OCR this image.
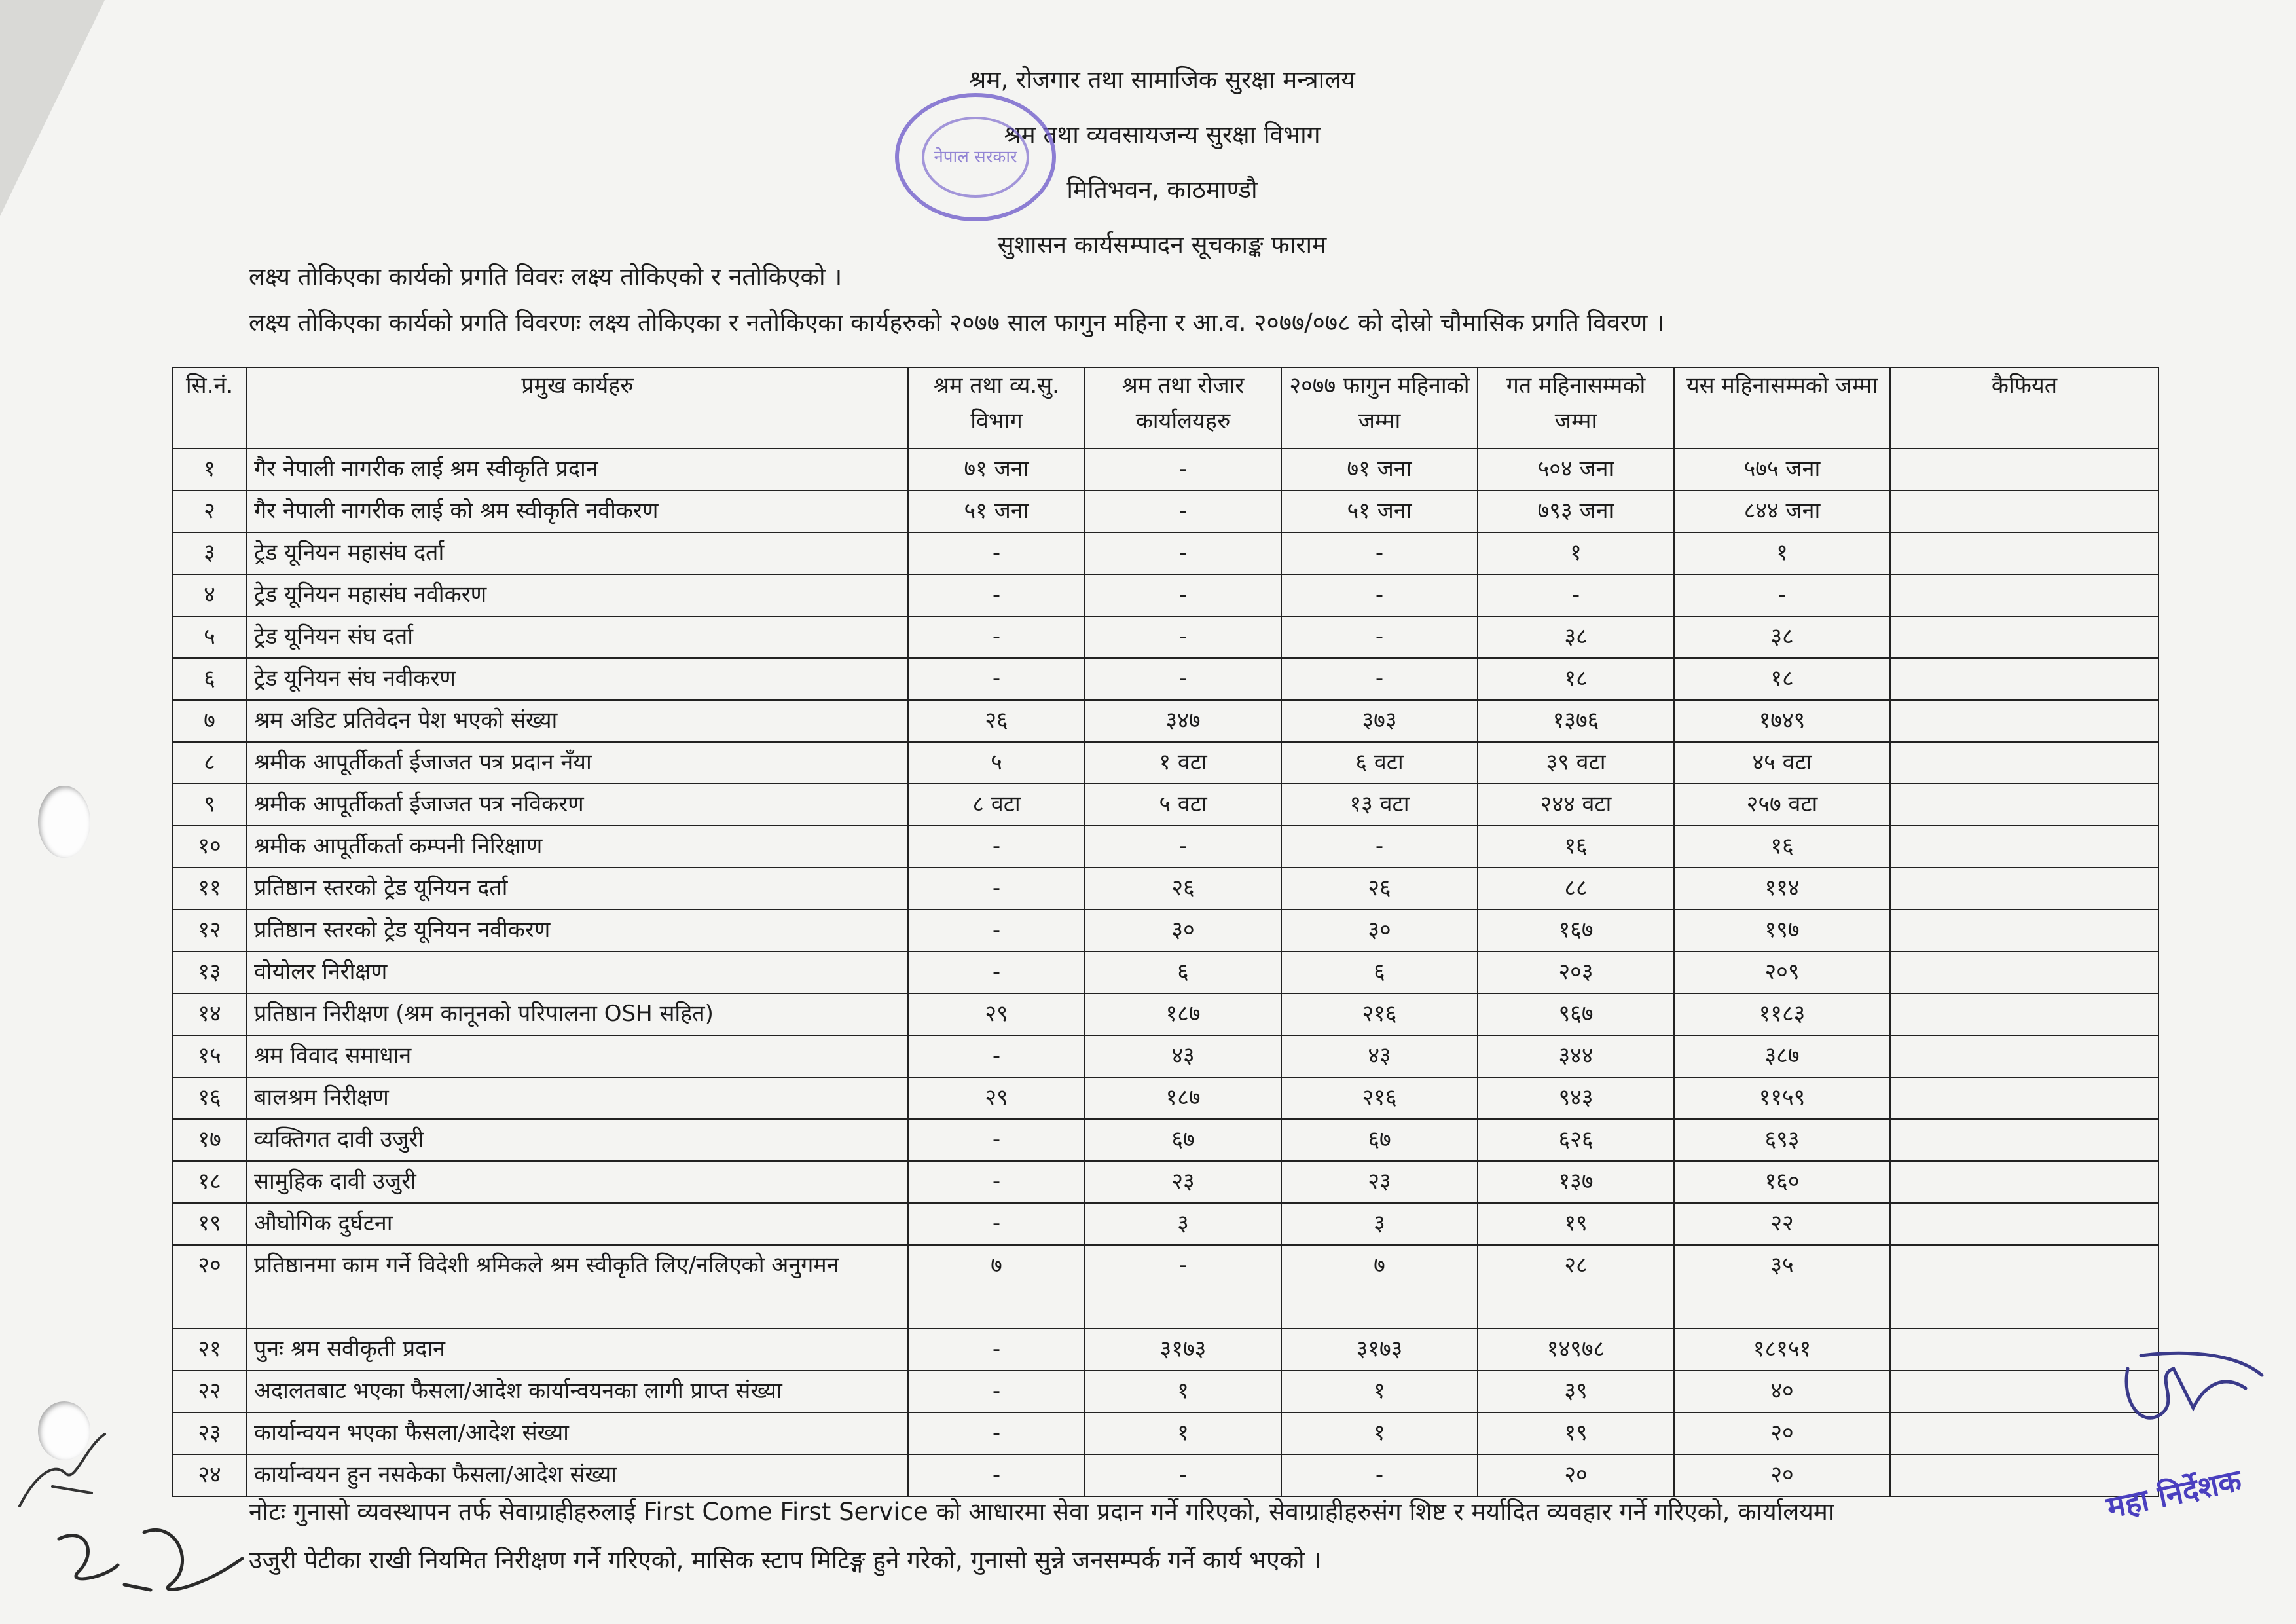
श्रम, रोजगार तथा सामाजिक सुरक्षा मन्त्रालय
श्रम तथा व्यवसायजन्य सुरक्षा विभाग
मितिभवन, काठमाण्डौ
सुशासन कार्यसम्पादन सूचकाङ्क फाराम
नेपाल सरकार
लक्ष्य तोकिएका कार्यको प्रगति विवरः लक्ष्य तोकिएको र नतोकिएको ।
लक्ष्य तोकिएका कार्यको प्रगति विवरणः लक्ष्य तोकिएका र नतोकिएका कार्यहरुको २०७७ साल फागुन महिना र आ.व. २०७७/०७८ को दोस्रो चौमासिक प्रगति विवरण ।
सि.नं.	प्रमुख कार्यहरु	श्रम तथा व्य.सु. विभाग	श्रम तथा रोजार कार्यालयहरु	२०७७ फागुन महिनाको जम्मा	गत महिनासम्मको जम्मा	यस महिनासम्मको जम्मा	कैफियत
१	गैर नेपाली नागरीक लाई श्रम स्वीकृति प्रदान	७१ जना	-	७१ जना	५०४ जना	५७५ जना	
२	गैर नेपाली नागरीक लाई को श्रम स्वीकृति नवीकरण	५१ जना	-	५१ जना	७९३ जना	८४४ जना	
३	ट्रेड यूनियन महासंघ दर्ता	-	-	-	१	१	
४	ट्रेड यूनियन महासंघ नवीकरण	-	-	-	-	-	
५	ट्रेड यूनियन संघ दर्ता	-	-	-	३८	३८	
६	ट्रेड यूनियन संघ नवीकरण	-	-	-	१८	१८	
७	श्रम अडिट प्रतिवेदन पेश भएको संख्या	२६	३४७	३७३	१३७६	१७४९	
८	श्रमीक आपूर्तीकर्ता ईजाजत पत्र प्रदान नँया	५	१ वटा	६ वटा	३९ वटा	४५ वटा	
९	श्रमीक आपूर्तीकर्ता ईजाजत पत्र नविकरण	८ वटा	५ वटा	१३ वटा	२४४ वटा	२५७ वटा	
१०	श्रमीक आपूर्तीकर्ता कम्पनी निरिक्षाण	-	-	-	१६	१६	
११	प्रतिष्ठान स्तरको ट्रेड यूनियन दर्ता	-	२६	२६	८८	११४	
१२	प्रतिष्ठान स्तरको ट्रेड यूनियन नवीकरण	-	३०	३०	१६७	१९७	
१३	वोयोलर निरीक्षण	-	६	६	२०३	२०९	
१४	प्रतिष्ठान निरीक्षण (श्रम कानूनको परिपालना OSH सहित)	२९	१८७	२१६	९६७	११८३	
१५	श्रम विवाद समाधान	-	४३	४३	३४४	३८७	
१६	बालश्रम निरीक्षण	२९	१८७	२१६	९४३	११५९	
१७	व्यक्तिगत दावी उजुरी	-	६७	६७	६२६	६९३	
१८	सामुहिक दावी उजुरी	-	२३	२३	१३७	१६०	
१९	औघोगिक दुर्घटना	-	३	३	१९	२२	
२०	प्रतिष्ठानमा काम गर्ने विदेशी श्रमिकले श्रम स्वीकृति लिए/नलिएको अनुगमन	७	-	७	२८	३५	
२१	पुनः श्रम सवीकृती प्रदान	-	३१७३	३१७३	१४९७८	१८१५१	
२२	अदालतबाट भएका फैसला/आदेश कार्यान्वयनका लागी प्राप्त संख्या	-	१	१	३९	४०	
२३	कार्यान्वयन भएका फैसला/आदेश संख्या	-	१	१	१९	२०	
२४	कार्यान्वयन हुन नसकेका फैसला/आदेश संख्या	-	-	-	२०	२०	
नोटः गुनासो व्यवस्थापन तर्फ सेवाग्राहीहरुलाई First Come First Service को आधारमा सेवा प्रदान गर्ने गरिएको, सेवाग्राहीहरुसंग शिष्ट र मर्यादित व्यवहार गर्ने गरिएको, कार्यालयमा
उजुरी पेटीका राखी नियमित निरीक्षण गर्ने गरिएको, मासिक स्टाप मिटिङ्ग हुने गरेको, गुनासो सुन्ने जनसम्पर्क गर्ने कार्य भएको ।
महा निर्देशक
